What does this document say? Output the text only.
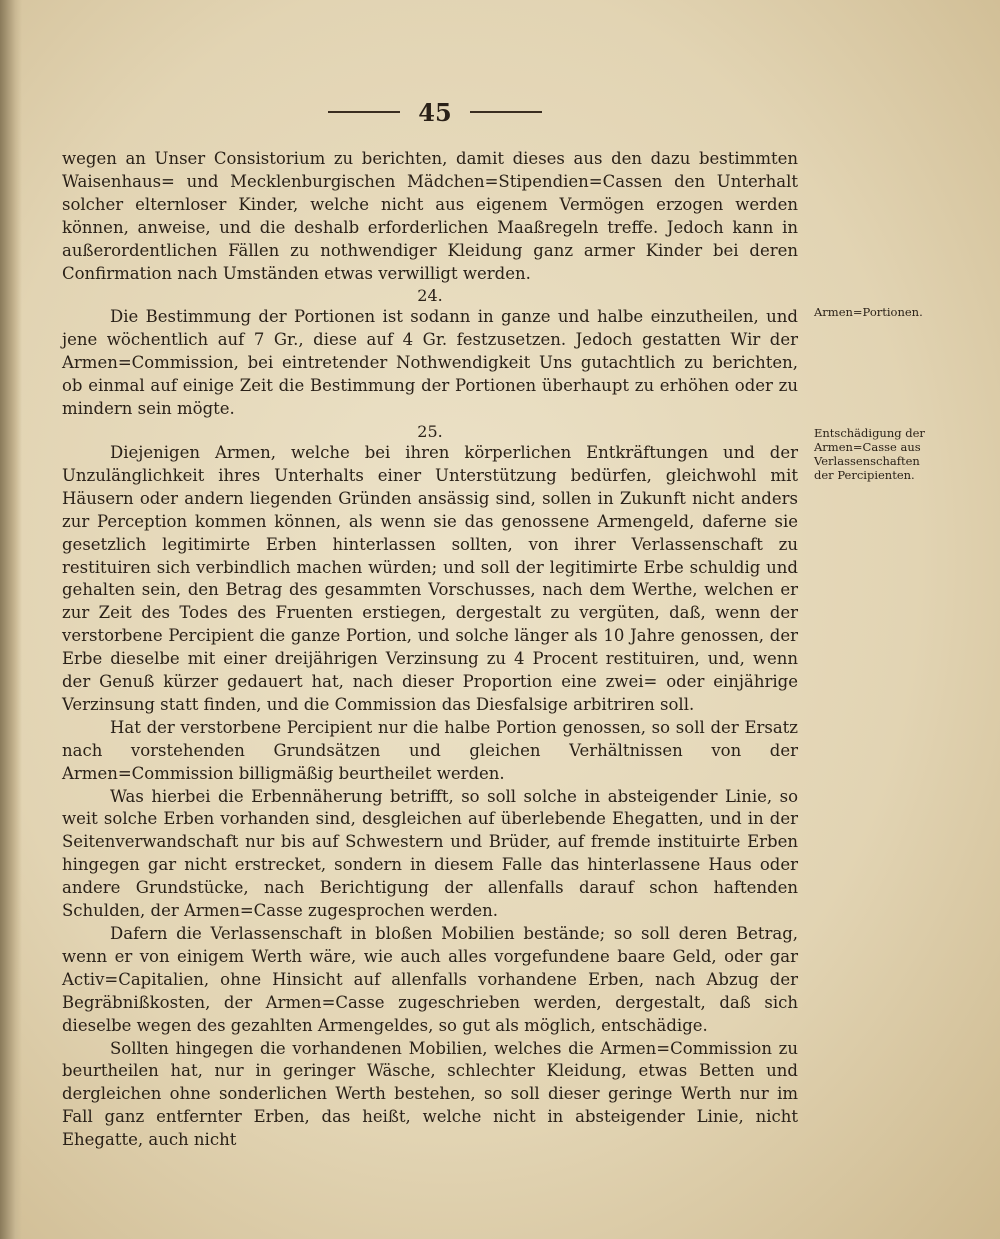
45

wegen an Unser Consistorium zu berichten, damit dieses aus den dazu bestimmten Waisenhaus= und Mecklenburgischen Mädchen=Stipendien=Cassen den Unterhalt solcher elternloser Kinder, welche nicht aus eigenem Vermögen erzogen werden können, anweise, und die deshalb erforderlichen Maaßregeln treffe. Jedoch kann in außerordentlichen Fällen zu nothwendiger Kleidung ganz armer Kinder bei deren Confirmation nach Umständen etwas verwilligt werden.

24.

Die Bestimmung der Portionen ist sodann in ganze und halbe einzutheilen, und jene wöchentlich auf 7 Gr., diese auf 4 Gr. festzusetzen. Jedoch gestatten Wir der Armen=Commission, bei eintretender Nothwendigkeit Uns gutachtlich zu berichten, ob einmal auf einige Zeit die Bestimmung der Portionen überhaupt zu erhöhen oder zu mindern sein mögte.

25.

Diejenigen Armen, welche bei ihren körperlichen Entkräftungen und der Unzulänglichkeit ihres Unterhalts einer Unterstützung bedürfen, gleichwohl mit Häusern oder andern liegenden Gründen ansässig sind, sollen in Zukunft nicht anders zur Perception kommen können, als wenn sie das genossene Armengeld, daferne sie gesetzlich legitimirte Erben hinterlassen sollten, von ihrer Verlassenschaft zu restituiren sich verbindlich machen würden; und soll der legitimirte Erbe schuldig und gehalten sein, den Betrag des gesammten Vorschusses, nach dem Werthe, welchen er zur Zeit des Todes des Fruenten erstiegen, dergestalt zu vergüten, daß, wenn der verstorbene Percipient die ganze Portion, und solche länger als 10 Jahre genossen, der Erbe dieselbe mit einer dreijährigen Verzinsung zu 4 Procent restituiren, und, wenn der Genuß kürzer gedauert hat, nach dieser Proportion eine zwei= oder einjährige Verzinsung statt finden, und die Commission das Diesfalsige arbitriren soll.

Hat der verstorbene Percipient nur die halbe Portion genossen, so soll der Ersatz nach vorstehenden Grundsätzen und gleichen Verhältnissen von der Armen=Commission billigmäßig beurtheilet werden.

Was hierbei die Erbennäherung betrifft, so soll solche in absteigender Linie, so weit solche Erben vorhanden sind, desgleichen auf überlebende Ehegatten, und in der Seitenverwandschaft nur bis auf Schwestern und Brüder, auf fremde instituirte Erben hingegen gar nicht erstrecket, sondern in diesem Falle das hinterlassene Haus oder andere Grundstücke, nach Berichtigung der allenfalls darauf schon haftenden Schulden, der Armen=Casse zugesprochen werden.

Dafern die Verlassenschaft in bloßen Mobilien bestände; so soll deren Betrag, wenn er von einigem Werth wäre, wie auch alles vorgefundene baare Geld, oder gar Activ=Capitalien, ohne Hinsicht auf allenfalls vorhandene Erben, nach Abzug der Begräbnißkosten, der Armen=Casse zugeschrieben werden, dergestalt, daß sich dieselbe wegen des gezahlten Armengeldes, so gut als möglich, entschädige.

Sollten hingegen die vorhandenen Mobilien, welches die Armen=Commission zu beurtheilen hat, nur in geringer Wäsche, schlechter Kleidung, etwas Betten und dergleichen ohne sonderlichen Werth bestehen, so soll dieser geringe Werth nur im Fall ganz entfernter Erben, das heißt, welche nicht in absteigender Linie, nicht Ehegatte, auch nicht

Armen=Portionen.
Entschädigung der Armen=Casse aus Verlassenschaften der Percipienten.
